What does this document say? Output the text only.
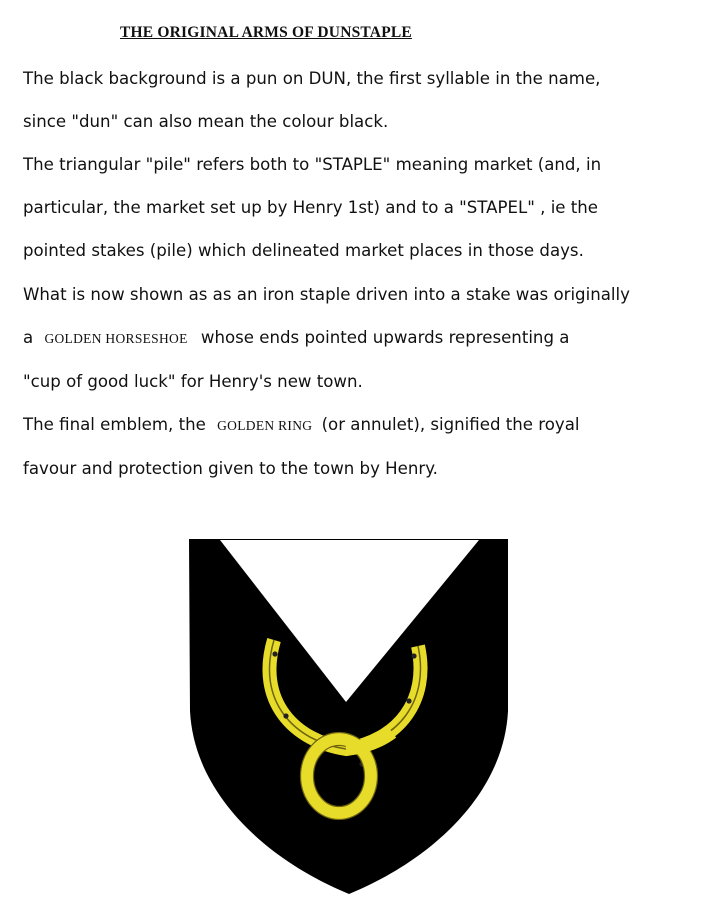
THE ORIGINAL ARMS OF DUNSTAPLE
The black background is a pun on DUN, the first syllable in the name,
since "dun" can also mean the colour black.
The triangular "pile" refers both to "STAPLE" meaning market (and, in
particular, the market set up by Henry 1st) and to a "STAPEL" , ie the
pointed stakes (pile) which delineated market places in those days.
What is now shown as as an iron staple driven into a stake was originally
a GOLDEN HORSESHOE whose ends pointed upwards representing a
"cup of good luck" for Henry's new town.
The final emblem, the GOLDEN RING (or annulet), signified the royal
favour and protection given to the town by Henry.
